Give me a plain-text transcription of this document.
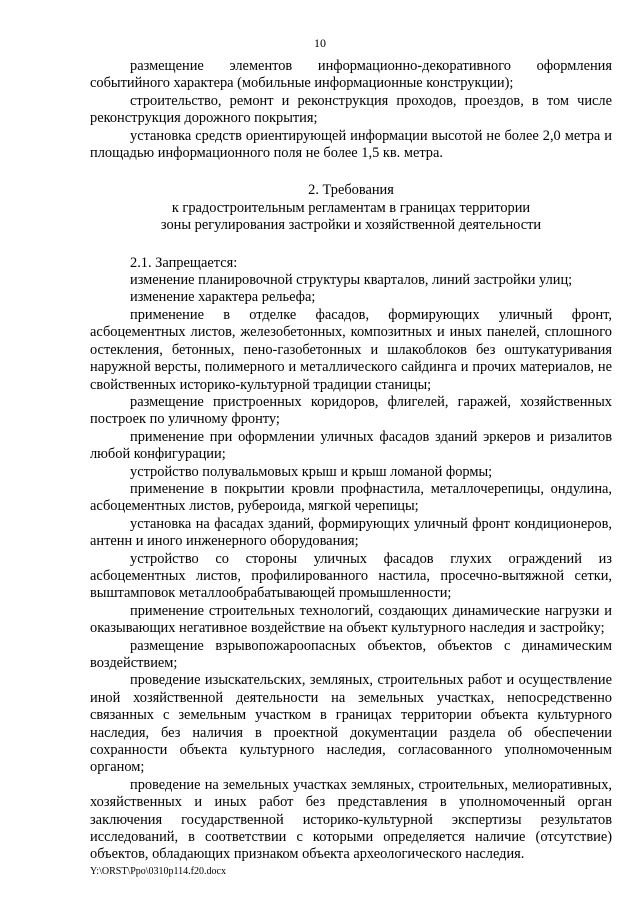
10

размещение элементов информационно-декоративного оформления событийного характера (мобильные информационные конструкции);

строительство, ремонт и реконструкция проходов, проездов, в том числе реконструкция дорожного покрытия;

установка средств ориентирующей информации высотой не более 2,0 метра и площадью информационного поля не более 1,5 кв. метра.

2. Требования
к градостроительным регламентам в границах территории
зоны регулирования застройки и хозяйственной деятельности

2.1. Запрещается:

изменение планировочной структуры кварталов, линий застройки улиц;

изменение характера рельефа;

применение в отделке фасадов, формирующих уличный фронт, асбоцементных листов, железобетонных, композитных и иных панелей, сплошного остекления, бетонных, пено-газобетонных и шлакоблоков без оштукатуривания наружной версты, полимерного и металлического сайдинга и прочих материалов, не свойственных историко-культурной традиции станицы;

размещение пристроенных коридоров, флигелей, гаражей, хозяйственных построек по уличному фронту;

применение при оформлении уличных фасадов зданий эркеров и ризалитов любой конфигурации;

устройство полувальмовых крыш и крыш ломаной формы;

применение в покрытии кровли профнастила, металлочерепицы, ондулина, асбоцементных листов, рубероида, мягкой черепицы;

установка на фасадах зданий, формирующих уличный фронт кондиционеров, антенн и иного инженерного оборудования;

устройство со стороны уличных фасадов глухих ограждений из асбоцементных листов, профилированного настила, просечно-вытяжной сетки, выштамповок металлообрабатывающей промышленности;

применение строительных технологий, создающих динамические нагрузки и оказывающих негативное воздействие на объект культурного наследия и застройку;

размещение взрывопожароопасных объектов, объектов с динамическим воздействием;

проведение изыскательских, земляных, строительных работ и осуществление иной хозяйственной деятельности на земельных участках, непосредственно связанных с земельным участком в границах территории объекта культурного наследия, без наличия в проектной документации раздела об обеспечении сохранности объекта культурного наследия, согласованного уполномоченным органом;

проведение на земельных участках земляных, строительных, мелиоративных, хозяйственных и иных работ без представления в уполномоченный орган заключения государственной историко-культурной экспертизы результатов исследований, в соответствии с которыми определяется наличие (отсутствие) объектов, обладающих признаком объекта археологического наследия.

Y:\ORST\Ppo\0310p114.f20.docx
